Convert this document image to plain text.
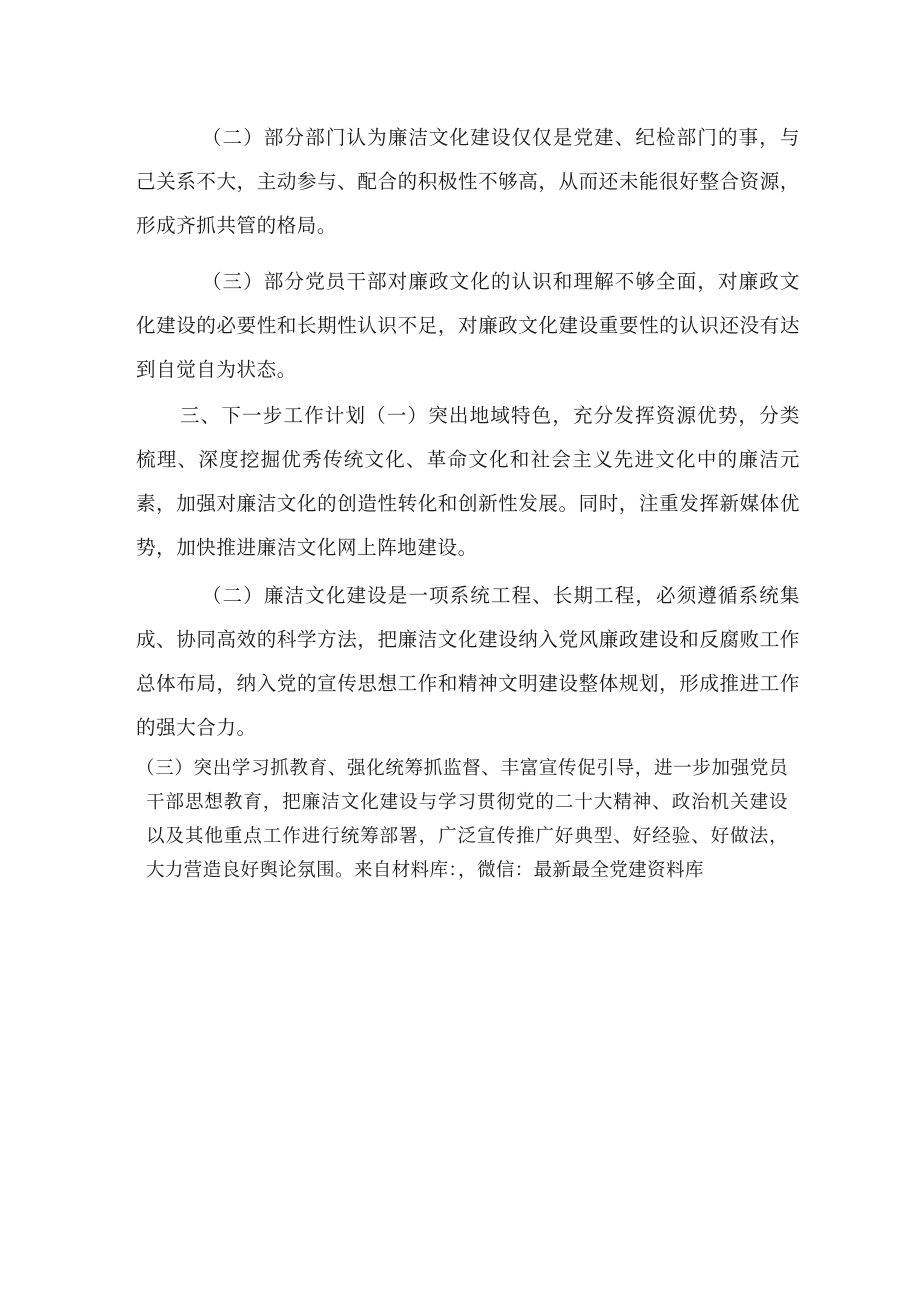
（二）部分部门认为廉洁文化建设仅仅是党建、纪检部门的事，与己关系不大，主动参与、配合的积极性不够高，从而还未能很好整合资源，形成齐抓共管的格局。

（三）部分党员干部对廉政文化的认识和理解不够全面，对廉政文化建设的必要性和长期性认识不足，对廉政文化建设重要性的认识还没有达到自觉自为状态。

三、下一步工作计划（一）突出地域特色，充分发挥资源优势，分类梳理、深度挖掘优秀传统文化、革命文化和社会主义先进文化中的廉洁元素，加强对廉洁文化的创造性转化和创新性发展。同时，注重发挥新媒体优势，加快推进廉洁文化网上阵地建设。

（二）廉洁文化建设是一项系统工程、长期工程，必须遵循系统集成、协同高效的科学方法，把廉洁文化建设纳入党风廉政建设和反腐败工作总体布局，纳入党的宣传思想工作和精神文明建设整体规划，形成推进工作的强大合力。

（三）突出学习抓教育、强化统筹抓监督、丰富宣传促引导，进一步加强党员干部思想教育，把廉洁文化建设与学习贯彻党的二十大精神、政治机关建设以及其他重点工作进行统筹部署，广泛宣传推广好典型、好经验、好做法，大力营造良好舆论氛围。来自材料库：，微信：最新最全党建资料库
